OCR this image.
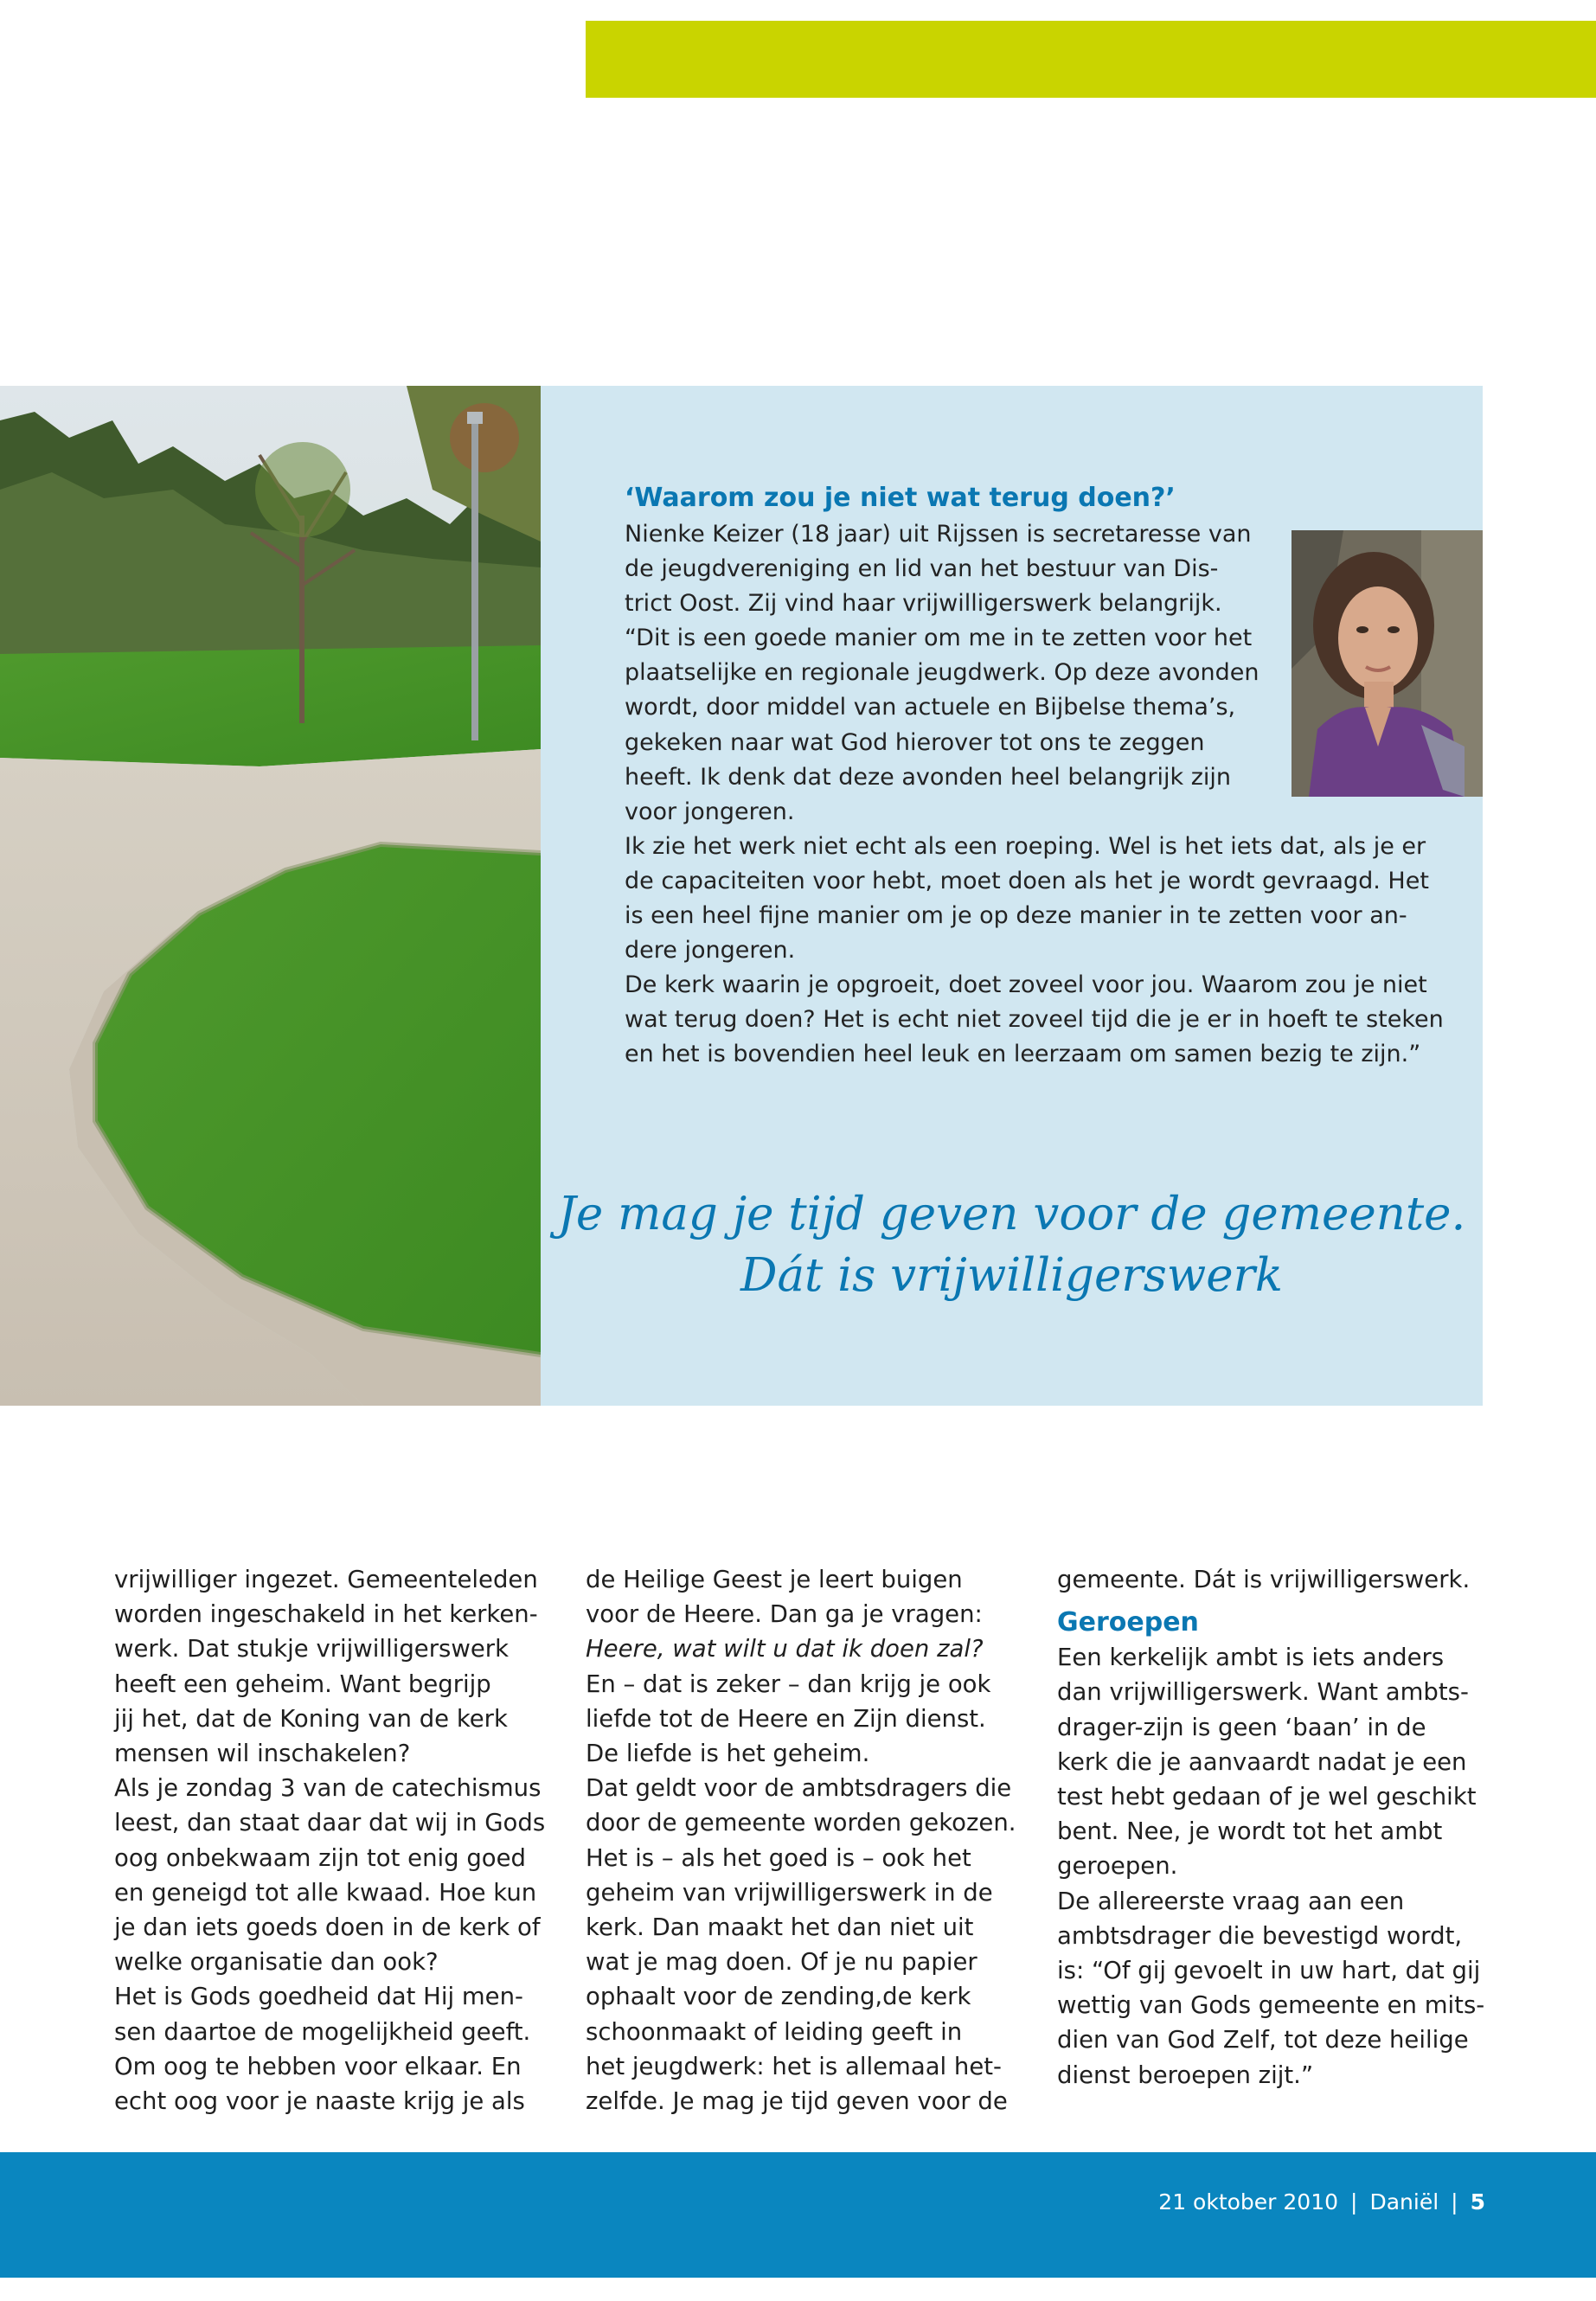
‘Waarom zou je niet wat terug doen?’
Nienke Keizer (18 jaar) uit Rijssen is secretaresse van
de jeugdvereniging en lid van het bestuur van Dis-
trict Oost. Zij vind haar vrijwilligerswerk belangrijk.
“Dit is een goede manier om me in te zetten voor het
plaatselijke en regionale jeugdwerk. Op deze avonden
wordt, door middel van actuele en Bijbelse thema’s,
gekeken naar wat God hierover tot ons te zeggen
heeft. Ik denk dat deze avonden heel belangrijk zijn
voor jongeren.
Ik zie het werk niet echt als een roeping. Wel is het iets dat, als je er
de capaciteiten voor hebt, moet doen als het je wordt gevraagd. Het
is een heel fijne manier om je op deze manier in te zetten voor an-
dere jongeren.
De kerk waarin je opgroeit, doet zoveel voor jou. Waarom zou je niet
wat terug doen? Het is echt niet zoveel tijd die je er in hoeft te steken
en het is bovendien heel leuk en leerzaam om samen bezig te zijn.”
Je mag je tijd geven voor de gemeente.
Dát is vrijwilligerswerk
vrijwilliger ingezet. Gemeenteleden
worden ingeschakeld in het kerken-
werk. Dat stukje vrijwilligerswerk
heeft een geheim. Want begrijp
jij het, dat de Koning van de kerk
mensen wil inschakelen?
Als je zondag 3 van de catechismus
leest, dan staat daar dat wij in Gods
oog onbekwaam zijn tot enig goed
en geneigd tot alle kwaad. Hoe kun
je dan iets goeds doen in de kerk of
welke organisatie dan ook?
Het is Gods goedheid dat Hij men-
sen daartoe de mogelijkheid geeft.
Om oog te hebben voor elkaar. En
echt oog voor je naaste krijg je als
de Heilige Geest je leert buigen
voor de Heere. Dan ga je vragen:
Heere, wat wilt u dat ik doen zal?
En – dat is zeker – dan krijg je ook
liefde tot de Heere en Zijn dienst.
De liefde is het geheim.
Dat geldt voor de ambtsdragers die
door de gemeente worden gekozen.
Het is – als het goed is – ook het
geheim van vrijwilligerswerk in de
kerk. Dan maakt het dan niet uit
wat je mag doen. Of je nu papier
ophaalt voor de zending,de kerk
schoonmaakt of leiding geeft in
het jeugdwerk: het is allemaal het-
zelfde. Je mag je tijd geven voor de
gemeente. Dát is vrijwilligerswerk.

Geroepen
Een kerkelijk ambt is iets anders
dan vrijwilligerswerk. Want ambts-
drager-zijn is geen ‘baan’ in de
kerk die je aanvaardt nadat je een
test hebt gedaan of je wel geschikt
bent. Nee, je wordt tot het ambt
geroepen.
De allereerste vraag aan een
ambtsdrager die bevestigd wordt,
is: “Of gij gevoelt in uw hart, dat gij
wettig van Gods gemeente en mits-
dien van God Zelf, tot deze heilige
dienst beroepen zijt.”
21 oktober 2010 | Daniël | 5
